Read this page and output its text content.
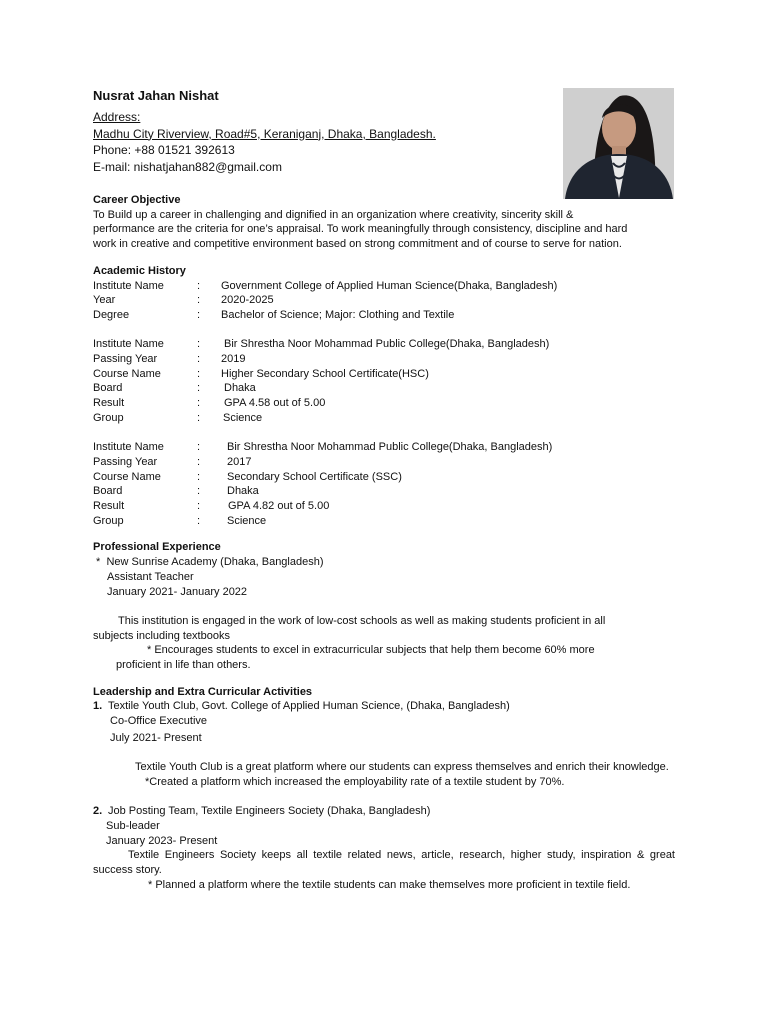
Nusrat Jahan Nishat
Address:
Madhu City Riverview, Road#5, Keraniganj, Dhaka, Bangladesh.
Phone: +88 01521 392613
E-mail: nishatjahan882@gmail.com
Career Objective
To Build up a career in challenging and dignified in an organization where creativity, sincerity skill &
performance are the criteria for one’s appraisal. To work meaningfully through consistency, discipline and hard
work in creative and competitive environment based on strong commitment and of course to serve for nation.
Academic History
Institute Name	:	Government College of Applied Human Science(Dhaka, Bangladesh)
Year	:	2020-2025
Degree	:	Bachelor of Science; Major: Clothing and Textile
Institute Name	:	Bir Shrestha Noor Mohammad Public College(Dhaka, Bangladesh)
Passing Year	:	2019
Course Name	:	Higher Secondary School Certificate(HSC)
Board	:	Dhaka
Result	:	GPA 4.58 out of 5.00
Group	:	Science
Institute Name	:	Bir Shrestha Noor Mohammad Public College(Dhaka, Bangladesh)
Passing Year	:	2017
Course Name	:	Secondary School Certificate (SSC)
Board	:	Dhaka
Result	:	GPA 4.82 out of 5.00
Group	:	Science
Professional Experience
*  New Sunrise Academy (Dhaka, Bangladesh)
Assistant Teacher
January 2021- January 2022
This institution is engaged in the work of low-cost schools as well as making students proficient in all
subjects including textbooks
* Encourages students to excel in extracurricular subjects that help them become 60% more
proficient in life than others.
Leadership and Extra Curricular Activities
1. Textile Youth Club, Govt. College of Applied Human Science, (Dhaka, Bangladesh)
Co-Office Executive
July 2021- Present
Textile Youth Club is a great platform where our students can express themselves and enrich their knowledge.
*Created a platform which increased the employability rate of a textile student by 70%.
2. Job Posting Team, Textile Engineers Society (Dhaka, Bangladesh)
Sub-leader
January 2023- Present
Textile Engineers Society keeps all textile related news, article, research, higher study, inspiration & great success story.
* Planned a platform where the textile students can make themselves more proficient in textile field.
